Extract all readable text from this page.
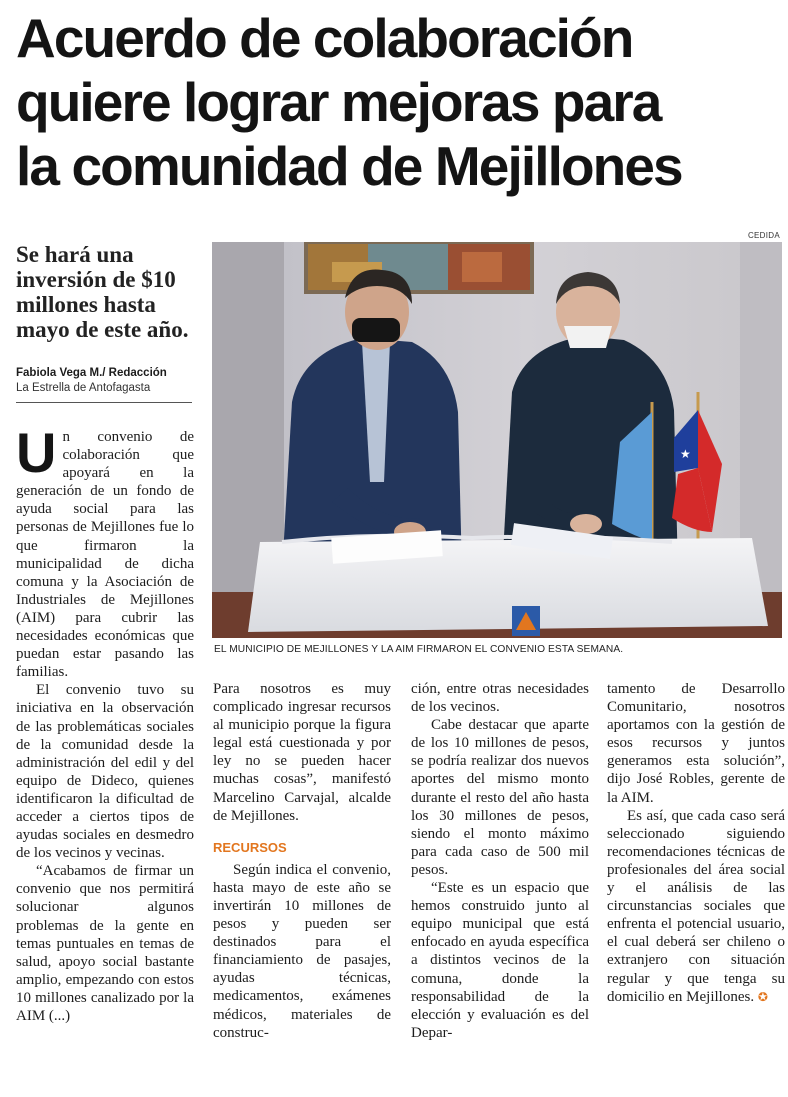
Acuerdo de colaboración
quiere lograr mejoras para
la comunidad de Mejillones
Se hará una inversión de $10 millones hasta mayo de este año.
Fabiola Vega M./ Redacción
La Estrella de Antofagasta
CEDIDA
★
EL MUNICIPIO DE MEJILLONES Y LA AIM FIRMARON EL CONVENIO ESTA SEMANA.

Un convenio de colaboración que apoyará en la generación de un fondo de ayuda social para las personas de Mejillones fue lo que firmaron la municipalidad de dicha comuna y la Asociación de Industriales de Mejillones (AIM) para cubrir las necesidades económicas que puedan estar pasando las familias.

El convenio tuvo su iniciativa en la observación de las problemáticas sociales de la comunidad desde la administración del edil y del equipo de Dideco, quienes identificaron la dificultad de acceder a ciertos tipos de ayudas sociales en desmedro de los vecinos y vecinas.

“Acabamos de firmar un convenio que nos permitirá solucionar algunos problemas de la gente en temas puntuales en temas de salud, apoyo social bastante amplio, empezando con estos 10 millones canalizado por la AIM (...)

Para nosotros es muy complicado ingresar recursos al municipio porque la figura legal está cuestionada y por ley no se pueden hacer muchas cosas”, manifestó Marcelino Carvajal, alcalde de Mejillones.

RECURSOS

Según indica el convenio, hasta mayo de este año se invertirán 10 millones de pesos y pueden ser destinados para el financiamiento de pasajes, ayudas técnicas, medicamentos, exámenes médicos, materiales de construc-

ción, entre otras necesidades de los vecinos.

Cabe destacar que aparte de los 10 millones de pesos, se podría realizar dos nuevos aportes del mismo monto durante el resto del año hasta los 30 millones de pesos, siendo el monto máximo para cada caso de 500 mil pesos.

“Este es un espacio que hemos construido junto al equipo municipal que está enfocado en ayuda específica a distintos vecinos de la comuna, donde la responsabilidad de la elección y evaluación es del Depar-

tamento de Desarrollo Comunitario, nosotros aportamos con la gestión de esos recursos y juntos generamos esta solución”, dijo José Robles, gerente de la AIM.

Es así, que cada caso será seleccionado siguiendo recomendaciones técnicas de profesionales del área social y el análisis de las circunstancias sociales que enfrenta el potencial usuario, el cual deberá ser chileno o extranjero con situación regular y que tenga su domicilio en Mejillones. ✪
